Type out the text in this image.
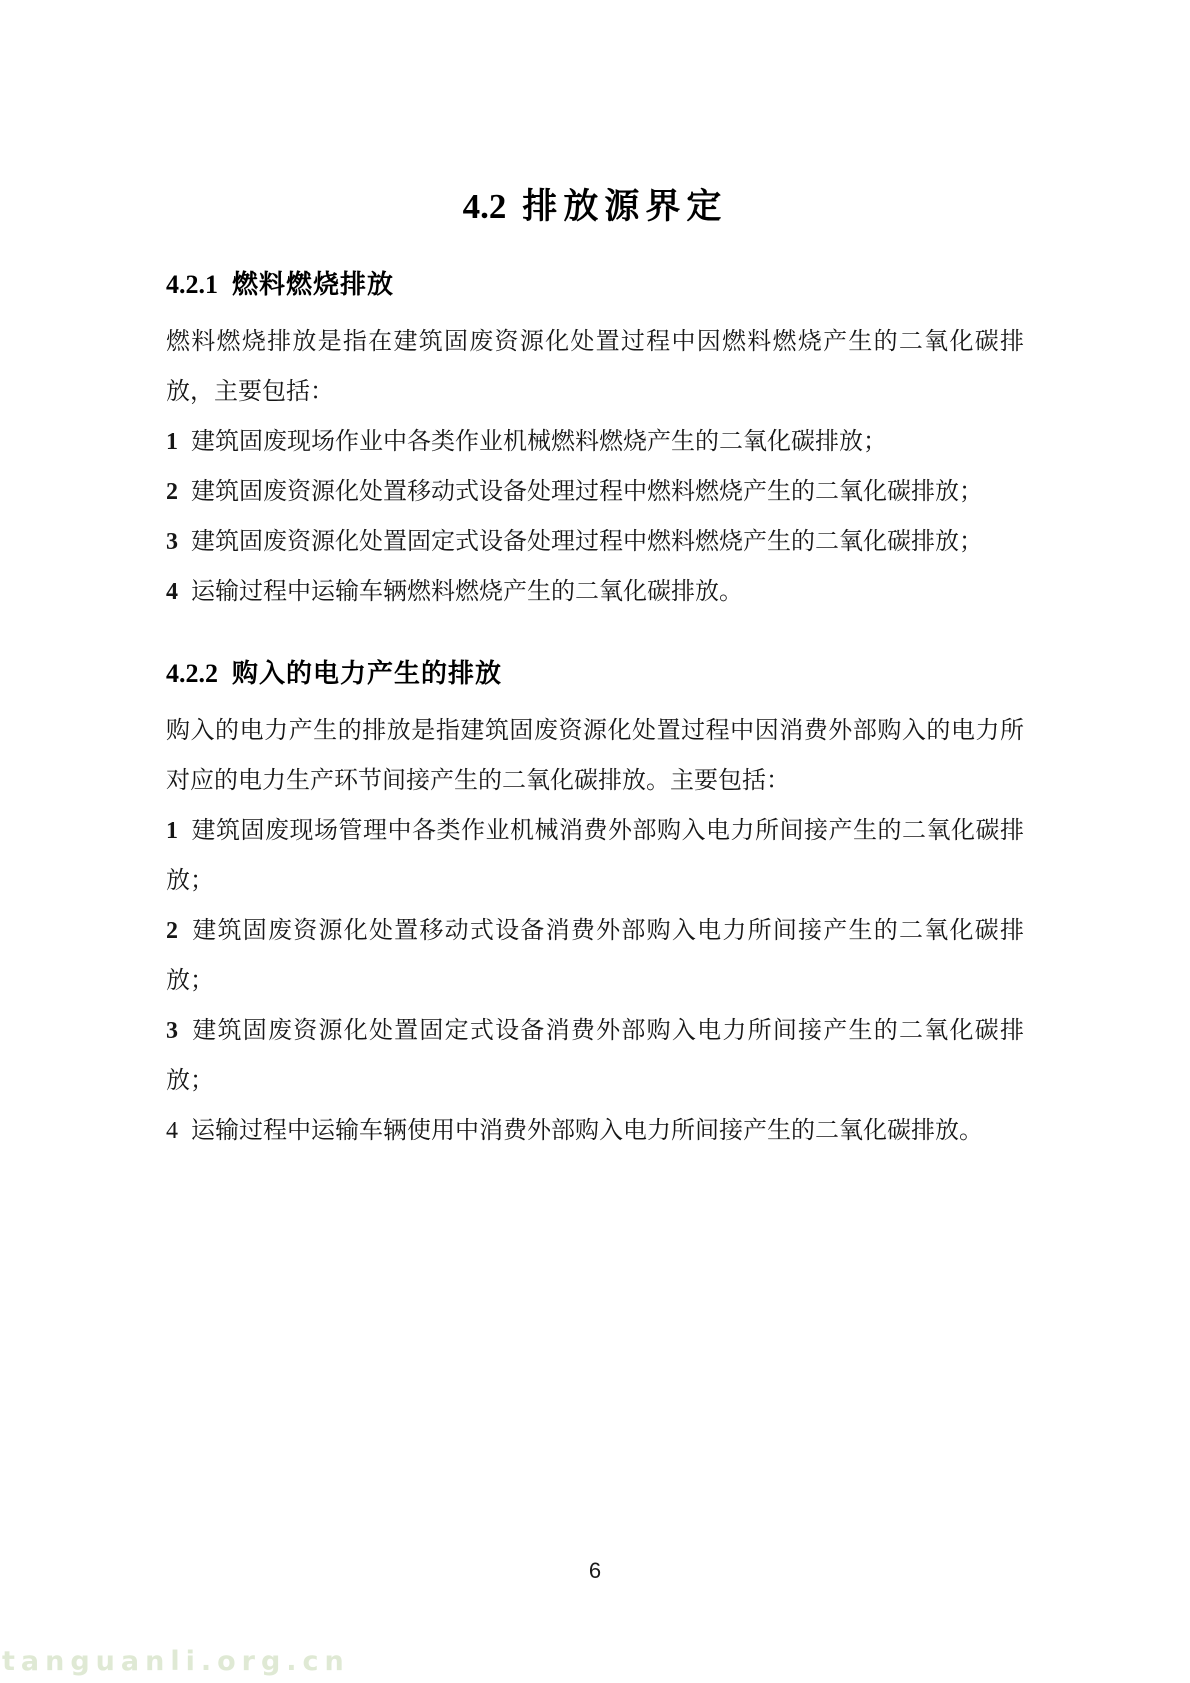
4.2 排放源界定
4.2.1 燃料燃烧排放

燃料燃烧排放是指在建筑固废资源化处置过程中因燃料燃烧产生的二氧化碳排放，主要包括：

1 建筑固废现场作业中各类作业机械燃料燃烧产生的二氧化碳排放；
2 建筑固废资源化处置移动式设备处理过程中燃料燃烧产生的二氧化碳排放；
3 建筑固废资源化处置固定式设备处理过程中燃料燃烧产生的二氧化碳排放；
4 运输过程中运输车辆燃料燃烧产生的二氧化碳排放。
4.2.2 购入的电力产生的排放

购入的电力产生的排放是指建筑固废资源化处置过程中因消费外部购入的电力所对应的电力生产环节间接产生的二氧化碳排放。主要包括：

1 建筑固废现场管理中各类作业机械消费外部购入电力所间接产生的二氧化碳排放；
2 建筑固废资源化处置移动式设备消费外部购入电力所间接产生的二氧化碳排放；
3 建筑固废资源化处置固定式设备消费外部购入电力所间接产生的二氧化碳排放；
4 运输过程中运输车辆使用中消费外部购入电力所间接产生的二氧化碳排放。
6
tanguanli.org.cn
